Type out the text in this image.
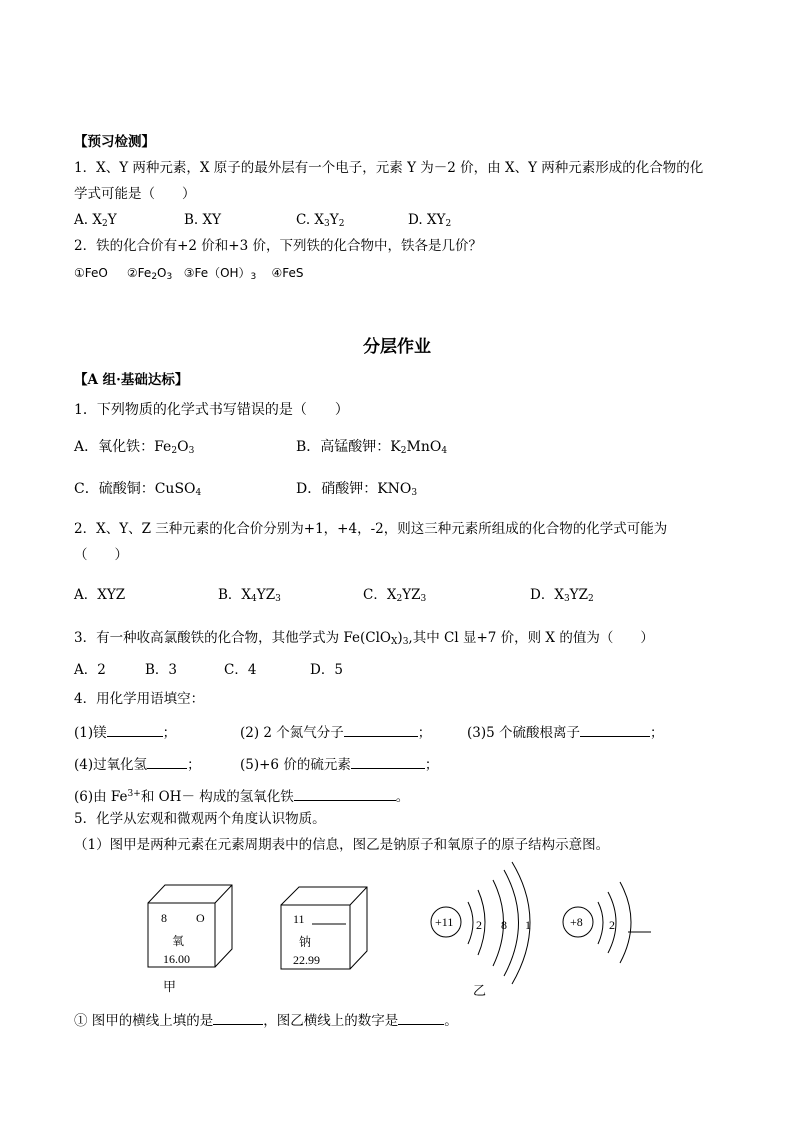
【预习检测】
1．X、Y 两种元素，X 原子的最外层有一个电子，元素 Y 为－2 价，由 X、Y 两种元素形成的化合物的化
学式可能是（　　）
A. $X_2Y$	B. XY	C. $X_3Y_2$	D. $XY_2$
2．铁的化合价有+2 价和+3 价，下列铁的化合物中，铁各是几价？
①FeO $②Fe_2O_3$ $③Fe(OH)_3$ ④FeS
分层作业
【A 组·基础达标】
1．下列物质的化学式书写错误的是（　　）
A．氧化铁：$Fe_2O_3$	B．高锰酸钾：$K_2MnO_4$
C．硫酸铜：CuSO$_4$	D．硝酸钾：$KNO_3$
2．X、Y、Z 三种元素的化合价分别为+1，+4，-2，则这三种元素所组成的化合物的化学式可能为
（　　）
A．XYZ	B．$X_4YZ_3$	C．$X_2YZ_3$	D．$X_3YZ_2$
3．有一种收高氯酸铁的化合物，其他学式为 $Fe(ClO_X)_3$,其中 Cl 显+7 价，则 X 的值为（　　）
A．2	B．3	C．4	D．5
4．用化学用语填空：
(1)镁	；	(2) 2 个氮气分子	；	(3)5 个硫酸根离子	；
(4)过氧化氢	；	(5)+6 价的硫元素	；
(6)由 $Fe^{3+}$和 OH－ 构成的氢氧化铁	。
5．化学从宏观和微观两个角度认识物质。
（1）图甲是两种元素在元素周期表中的信息，图乙是钠原子和氧原子的原子结构示意图。
8 O
氧
16.00
11
钠
22.99
甲	乙
+11 2 8 1	+8 2
① 图甲的横线上填的是	，图乙横线上的数字是	。
